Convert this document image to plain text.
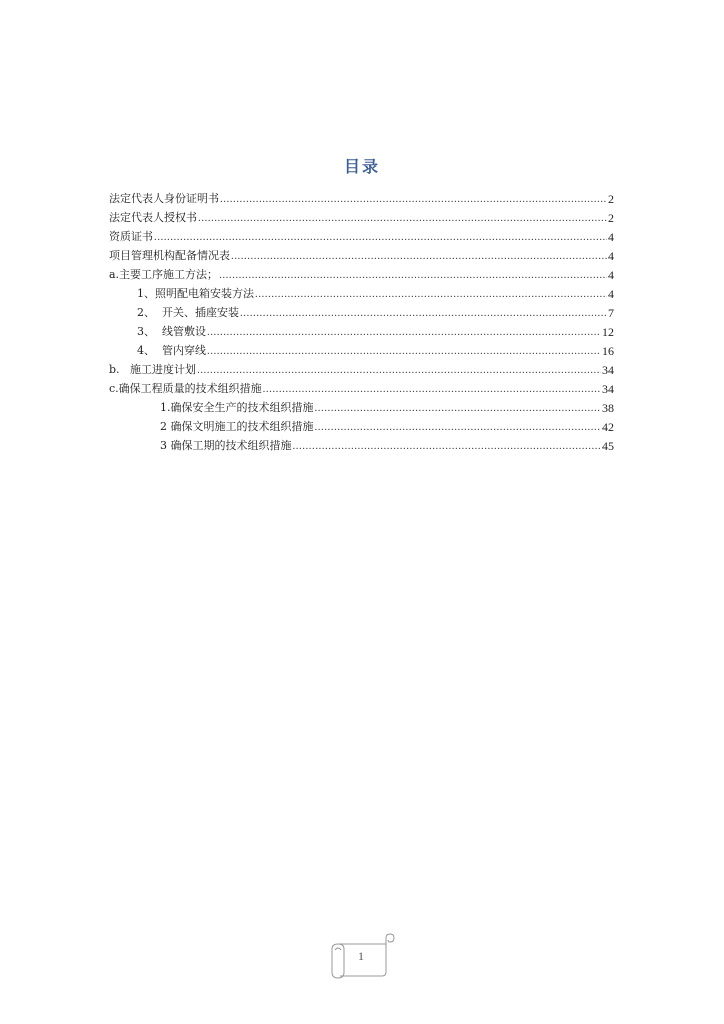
目录
法定代表人身份证明书 .....	2
法定代表人授权书 .....	2
资质证书 .....	4
项目管理机构配备情况表 .....	4
a.主要工序施工方法； .....	4
1、照明配电箱安装方法 .....	4
2、  开关、插座安装 .....	7
3、  线管敷设 .....	12
4、  管内穿线 .....	16
b.   施工进度计划 .....	34
c.确保工程质量的技术组织措施 .....	34
1.确保安全生产的技术组织措施 .....	38
2 确保文明施工的技术组织措施 .....	42
3 确保工期的技术组织措施 .....	45
1
